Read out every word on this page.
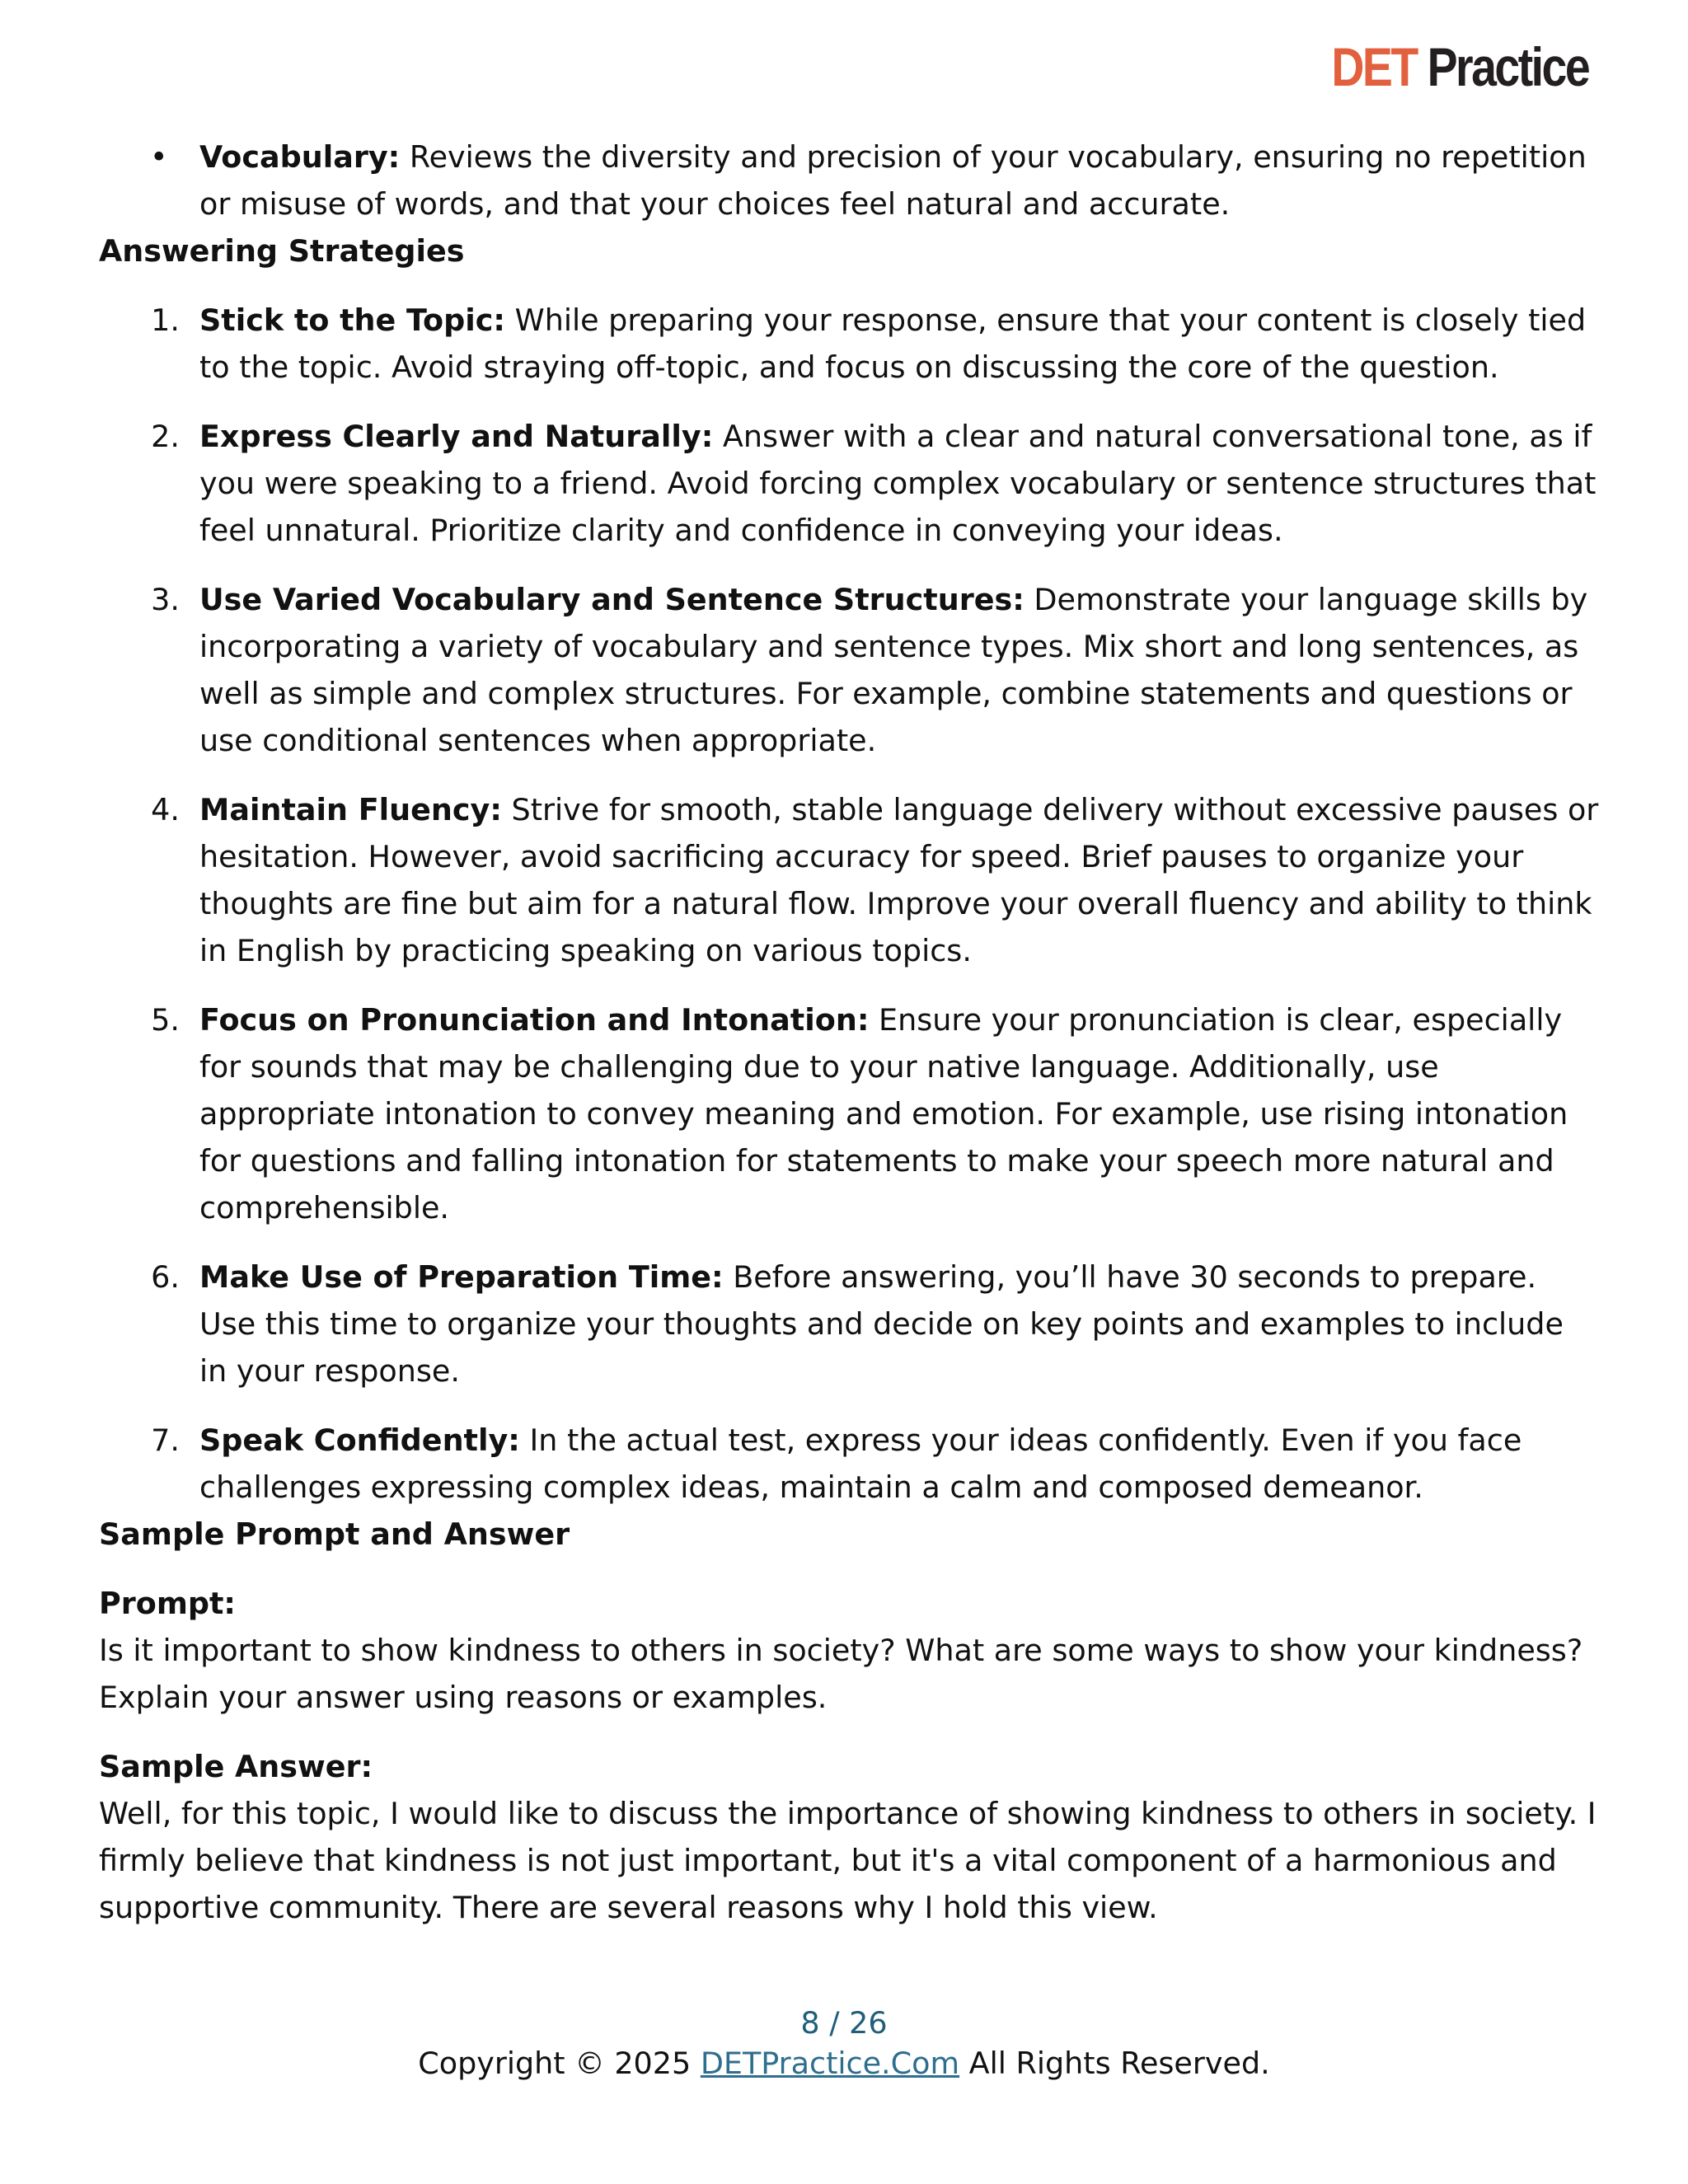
DET Practice
• Vocabulary: Reviews the diversity and precision of your vocabulary, ensuring no repetition or misuse of words, and that your choices feel natural and accurate.

Answering Strategies

1. Stick to the Topic: While preparing your response, ensure that your content is closely tied to the topic. Avoid straying off-topic, and focus on discussing the core of the question.

2. Express Clearly and Naturally: Answer with a clear and natural conversational tone, as if you were speaking to a friend. Avoid forcing complex vocabulary or sentence structures that feel unnatural. Prioritize clarity and confidence in conveying your ideas.

3. Use Varied Vocabulary and Sentence Structures: Demonstrate your language skills by incorporating a variety of vocabulary and sentence types. Mix short and long sentences, as well as simple and complex structures. For example, combine statements and questions or use conditional sentences when appropriate.

4. Maintain Fluency: Strive for smooth, stable language delivery without excessive pauses or hesitation. However, avoid sacrificing accuracy for speed. Brief pauses to organize your thoughts are fine but aim for a natural flow. Improve your overall fluency and ability to think in English by practicing speaking on various topics.

5. Focus on Pronunciation and Intonation: Ensure your pronunciation is clear, especially for sounds that may be challenging due to your native language. Additionally, use appropriate intonation to convey meaning and emotion. For example, use rising intonation for questions and falling intonation for statements to make your speech more natural and comprehensible.

6. Make Use of Preparation Time: Before answering, you’ll have 30 seconds to prepare. Use this time to organize your thoughts and decide on key points and examples to include in your response.

7. Speak Confidently: In the actual test, express your ideas confidently. Even if you face challenges expressing complex ideas, maintain a calm and composed demeanor.

Sample Prompt and Answer

Prompt:

Is it important to show kindness to others in society? What are some ways to show your kindness? Explain your answer using reasons or examples.

Sample Answer:

Well, for this topic, I would like to discuss the importance of showing kindness to others in society. I firmly believe that kindness is not just important, but it's a vital component of a harmonious and supportive community. There are several reasons why I hold this view.

8 / 26
Copyright © 2025 DETPractice.Com All Rights Reserved.
